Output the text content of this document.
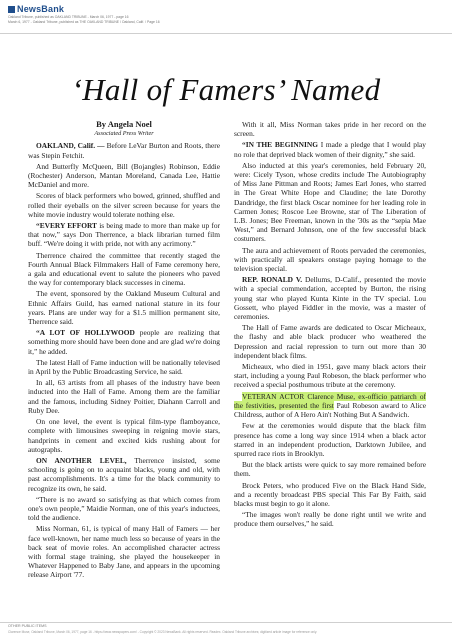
NewsBank
Oakland Tribune, published as OAKLAND TRIBUNE - March 06, 1977 - page 16
March 6, 1977 - Oakland Tribune, published as THE OAKLAND TRIBUNE / Oakland, Calif. / Page 16
‘Hall of Famers’ Named
By Angela Noel
Associated Press Writer

OAKLAND, Calif. — Before LeVar Burton and Roots, there was Stepin Fetchit.

And Butterfly McQueen, Bill (Bojangles) Robinson, Eddie (Rochester) Anderson, Mantan Moreland, Canada Lee, Hattie McDaniel and more.

Scores of black performers who bowed, grinned, shuffled and rolled their eyeballs on the silver screen because for years the white movie industry would tolerate nothing else.

“EVERY EFFORT is being made to more than make up for that now,” says Don Therrence, a black librarian turned film buff. “We're doing it with pride, not with any acrimony.”

Therrence chaired the committee that recently staged the Fourth Annual Black Filmmakers Hall of Fame ceremony here, a gala and educational event to salute the pioneers who paved the way for contemporary black successes in cinema.

The event, sponsored by the Oakland Museum Cultural and Ethnic Affairs Guild, has earned national stature in its four years. Plans are under way for a $1.5 million permanent site, Therrence said.

“A LOT OF HOLLYWOOD people are realizing that something more should have been done and are glad we're doing it,” he added.

The latest Hall of Fame induction will be nationally televised in April by the Public Broadcasting Service, he said.

In all, 63 artists from all phases of the industry have been inducted into the Hall of Fame. Among them are the familiar and the famous, including Sidney Poitier, Diahann Carroll and Ruby Dee.

On one level, the event is typical film-type flamboyance, complete with limousines sweeping in reigning movie stars, handprints in cement and excited kids rushing about for autographs.

ON ANOTHER LEVEL, Therrence insisted, some schooling is going on to acquaint blacks, young and old, with past accomplishments. It's a time for the black community to recognize its own, he said.

“There is no award so satisfying as that which comes from one's own people,” Maidie Norman, one of this year's inductees, told the audience.

Miss Norman, 61, is typical of many Hall of Famers — her face well-known, her name much less so because of years in the back seat of movie roles. An accomplished character actress with formal stage training, she played the housekeeper in Whatever Happened to Baby Jane, and appears in the upcoming release Airport '77.

With it all, Miss Norman takes pride in her record on the screen.

“IN THE BEGINNING I made a pledge that I would play no role that deprived black women of their dignity,” she said.

Also inducted at this year's ceremonies, held February 20, were: Cicely Tyson, whose credits include The Autobiography of Miss Jane Pittman and Roots; James Earl Jones, who starred in The Great White Hope and Claudine; the late Dorothy Dandridge, the first black Oscar nominee for her leading role in Carmen Jones; Roscoe Lee Browne, star of The Liberation of L.B. Jones; Bee Freeman, known in the '30s as the “sepia Mae West,” and Bernard Johnson, one of the few successful black costumers.

The aura and achievement of Roots pervaded the ceremonies, with practically all speakers onstage paying homage to the television special.

REP. RONALD V. Dellums, D-Calif., presented the movie with a special commendation, accepted by Burton, the rising young star who played Kunta Kinte in the TV special. Lou Gossett, who played Fiddler in the movie, was a master of ceremonies.

The Hall of Fame awards are dedicated to Oscar Micheaux, the flashy and able black producer who weathered the Depression and racial repression to turn out more than 30 independent black films.

Micheaux, who died in 1951, gave many black actors their start, including a young Paul Robeson, the black performer who received a special posthumous tribute at the ceremony.

VETERAN ACTOR Clarence Muse, ex-officio patriarch of the festivities, presented the first Paul Robeson award to Alice Childress, author of A Hero Ain't Nothing But A Sandwich.

Few at the ceremonies would dispute that the black film presence has come a long way since 1914 when a black actor starred in an independent production, Darktown Jubilee, and spurred race riots in Brooklyn.

But the black artists were quick to say more remained before them.

Brock Peters, who produced Five on the Black Hand Side, and a recently broadcast PBS special This Far By Faith, said blacks must begin to go it alone.

“The images won't really be done right until we write and produce them ourselves,” he said.

OTHER PUBLIC ITEMS
Clarence Muse, Oakland Tribune, March 06, 1977, page 16 - https://www.newspapers.com/ - Copyright © 2023 NewsBank. All rights reserved. Readex. Oakland Tribune archives; digitized article image for reference only.
